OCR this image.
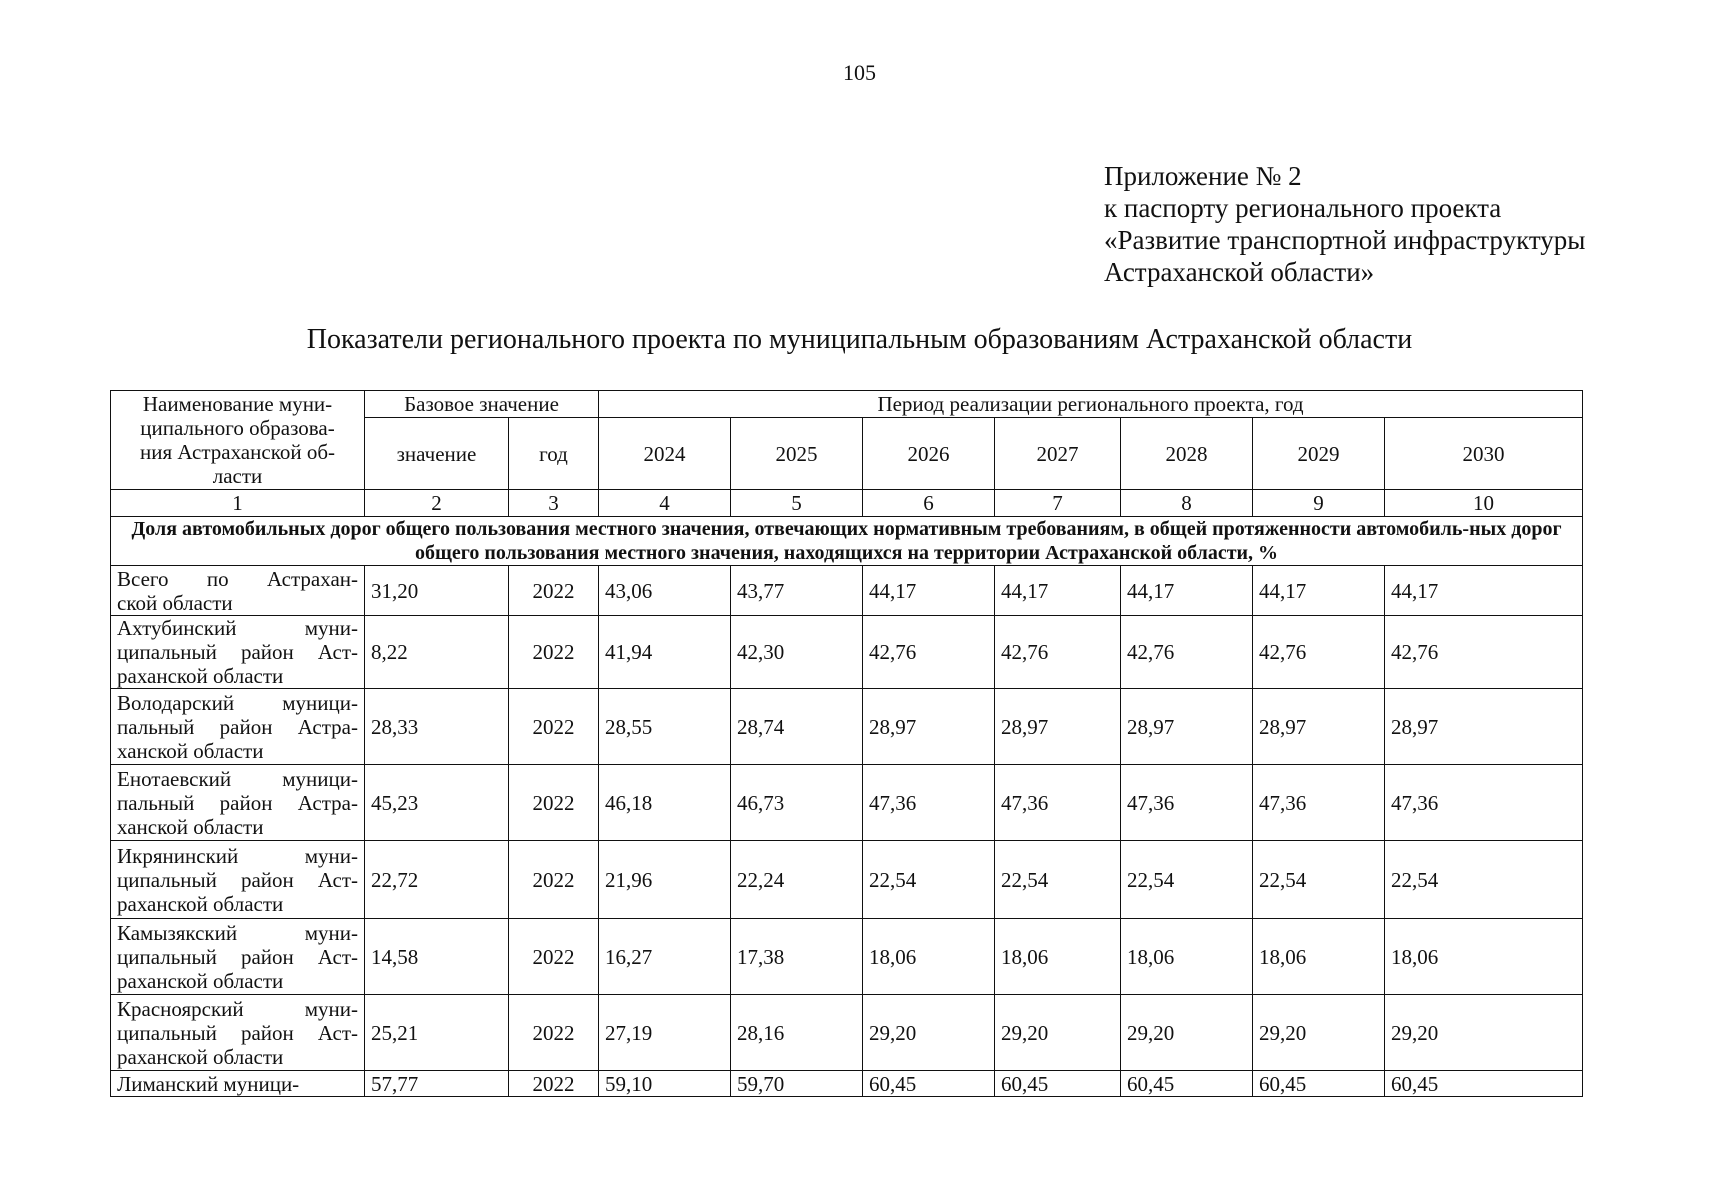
105
Приложение № 2
к паспорту регионального проекта
«Развитие транспортной инфраструктуры
Астраханской области»
Показатели регионального проекта по муниципальным образованиям Астраханской области
Наименование муни-
ципального образова-
ния Астраханской об-
ласти	Базовое значение		Период реализации регионального проекта, год						
	значение	год	2024	2025	2026	2027	2028	2029	2030
1	2	3	4	5	6	7	8	9	10
Доля автомобильных дорог общего пользования местного значения, отвечающих нормативным требованиям, в общей протяженности автомобиль-ных дорог общего пользования местного значения, находящихся на территории Астраханской области, %									

Всего по Астрахан-
ской области	31,20	2022	43,06	43,77	44,17	44,17	44,17	44,17	44,17

Ахтубинский муни-
ципальный район Аст-
раханской области	8,22	2022	41,94	42,30	42,76	42,76	42,76	42,76	42,76

Володарский муници-
пальный район Астра-
ханской области	28,33	2022	28,55	28,74	28,97	28,97	28,97	28,97	28,97

Енотаевский муници-
пальный район Астра-
ханской области	45,23	2022	46,18	46,73	47,36	47,36	47,36	47,36	47,36

Икрянинский муни-
ципальный район Аст-
раханской области	22,72	2022	21,96	22,24	22,54	22,54	22,54	22,54	22,54

Камызякский муни-
ципальный район Аст-
раханской области	14,58	2022	16,27	17,38	18,06	18,06	18,06	18,06	18,06

Красноярский муни-
ципальный район Аст-
раханской области	25,21	2022	27,19	28,16	29,20	29,20	29,20	29,20	29,20

Лиманский муници-	57,77	2022	59,10	59,70	60,45	60,45	60,45	60,45	60,45
